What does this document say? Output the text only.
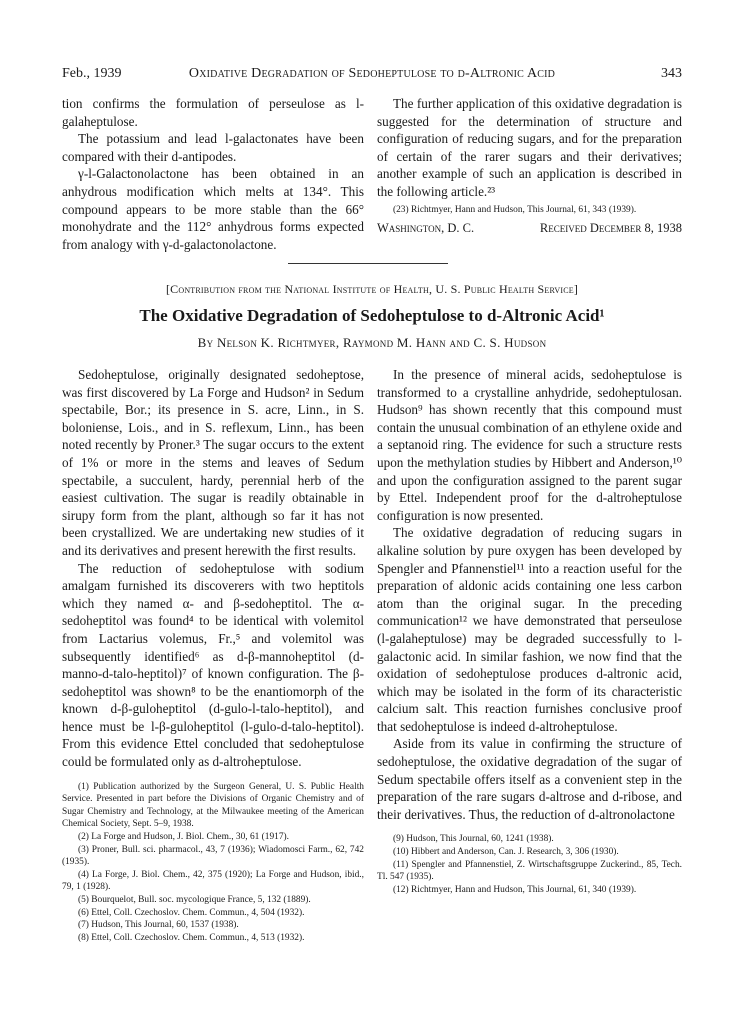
Feb., 1939	Oxidative Degradation of Sedoheptulose to d-Altronic Acid	343

tion confirms the formulation of perseulose as l-galaheptulose.

The potassium and lead l-galactonates have been compared with their d-antipodes.

γ-l-Galactonolactone has been obtained in an anhydrous modification which melts at 134°. This compound appears to be more stable than the 66° monohydrate and the 112° anhydrous forms expected from analogy with γ-d-galactonolactone.

The further application of this oxidative degradation is suggested for the determination of structure and configuration of reducing sugars, and for the preparation of certain of the rarer sugars and their derivatives; another example of such an application is described in the following article.²³

(23) Richtmyer, Hann and Hudson, This Journal, 61, 343 (1939).

Washington, D. C.	Received December 8, 1938
[Contribution from the National Institute of Health, U. S. Public Health Service]
The Oxidative Degradation of Sedoheptulose to d-Altronic Acid¹
By Nelson K. Richtmyer, Raymond M. Hann and C. S. Hudson

Sedoheptulose, originally designated sedoheptose, was first discovered by La Forge and Hudson² in Sedum spectabile, Bor.; its presence in S. acre, Linn., in S. boloniense, Lois., and in S. reflexum, Linn., has been noted recently by Proner.³ The sugar occurs to the extent of 1% or more in the stems and leaves of Sedum spectabile, a succulent, hardy, perennial herb of the easiest cultivation. The sugar is readily obtainable in sirupy form from the plant, although so far it has not been crystallized. We are undertaking new studies of it and its derivatives and present herewith the first results.

The reduction of sedoheptulose with sodium amalgam furnished its discoverers with two heptitols which they named α- and β-sedoheptitol. The α-sedoheptitol was found⁴ to be identical with volemitol from Lactarius volemus, Fr.,⁵ and volemitol was subsequently identified⁶ as d-β-mannoheptitol (d-manno-d-talo-heptitol)⁷ of known configuration. The β-sedoheptitol was shown⁸ to be the enantiomorph of the known d-β-guloheptitol (d-gulo-l-talo-heptitol), and hence must be l-β-guloheptitol (l-gulo-d-talo-heptitol). From this evidence Ettel concluded that sedoheptulose could be formulated only as d-altroheptulose.

(1) Publication authorized by the Surgeon General, U. S. Public Health Service. Presented in part before the Divisions of Organic Chemistry and of Sugar Chemistry and Technology, at the Milwaukee meeting of the American Chemical Society, Sept. 5–9, 1938.

(2) La Forge and Hudson, J. Biol. Chem., 30, 61 (1917).

(3) Proner, Bull. sci. pharmacol., 43, 7 (1936); Wiadomosci Farm., 62, 742 (1935).

(4) La Forge, J. Biol. Chem., 42, 375 (1920); La Forge and Hudson, ibid., 79, 1 (1928).

(5) Bourquelot, Bull. soc. mycologique France, 5, 132 (1889).

(6) Ettel, Coll. Czechoslov. Chem. Commun., 4, 504 (1932).

(7) Hudson, This Journal, 60, 1537 (1938).

(8) Ettel, Coll. Czechoslov. Chem. Commun., 4, 513 (1932).

In the presence of mineral acids, sedoheptulose is transformed to a crystalline anhydride, sedoheptulosan. Hudson⁹ has shown recently that this compound must contain the unusual combination of an ethylene oxide and a septanoid ring. The evidence for such a structure rests upon the methylation studies by Hibbert and Anderson,¹⁰ and upon the configuration assigned to the parent sugar by Ettel. Independent proof for the d-altroheptulose configuration is now presented.

The oxidative degradation of reducing sugars in alkaline solution by pure oxygen has been developed by Spengler and Pfannenstiel¹¹ into a reaction useful for the preparation of aldonic acids containing one less carbon atom than the original sugar. In the preceding communication¹² we have demonstrated that perseulose (l-galaheptulose) may be degraded successfully to l-galactonic acid. In similar fashion, we now find that the oxidation of sedoheptulose produces d-altronic acid, which may be isolated in the form of its characteristic calcium salt. This reaction furnishes conclusive proof that sedoheptulose is indeed d-altroheptulose.

Aside from its value in confirming the structure of sedoheptulose, the oxidative degradation of the sugar of Sedum spectabile offers itself as a convenient step in the preparation of the rare sugars d-altrose and d-ribose, and their derivatives. Thus, the reduction of d-altronolactone

(9) Hudson, This Journal, 60, 1241 (1938).

(10) Hibbert and Anderson, Can. J. Research, 3, 306 (1930).

(11) Spengler and Pfannenstiel, Z. Wirtschaftsgruppe Zuckerind., 85, Tech. Tl. 547 (1935).

(12) Richtmyer, Hann and Hudson, This Journal, 61, 340 (1939).
